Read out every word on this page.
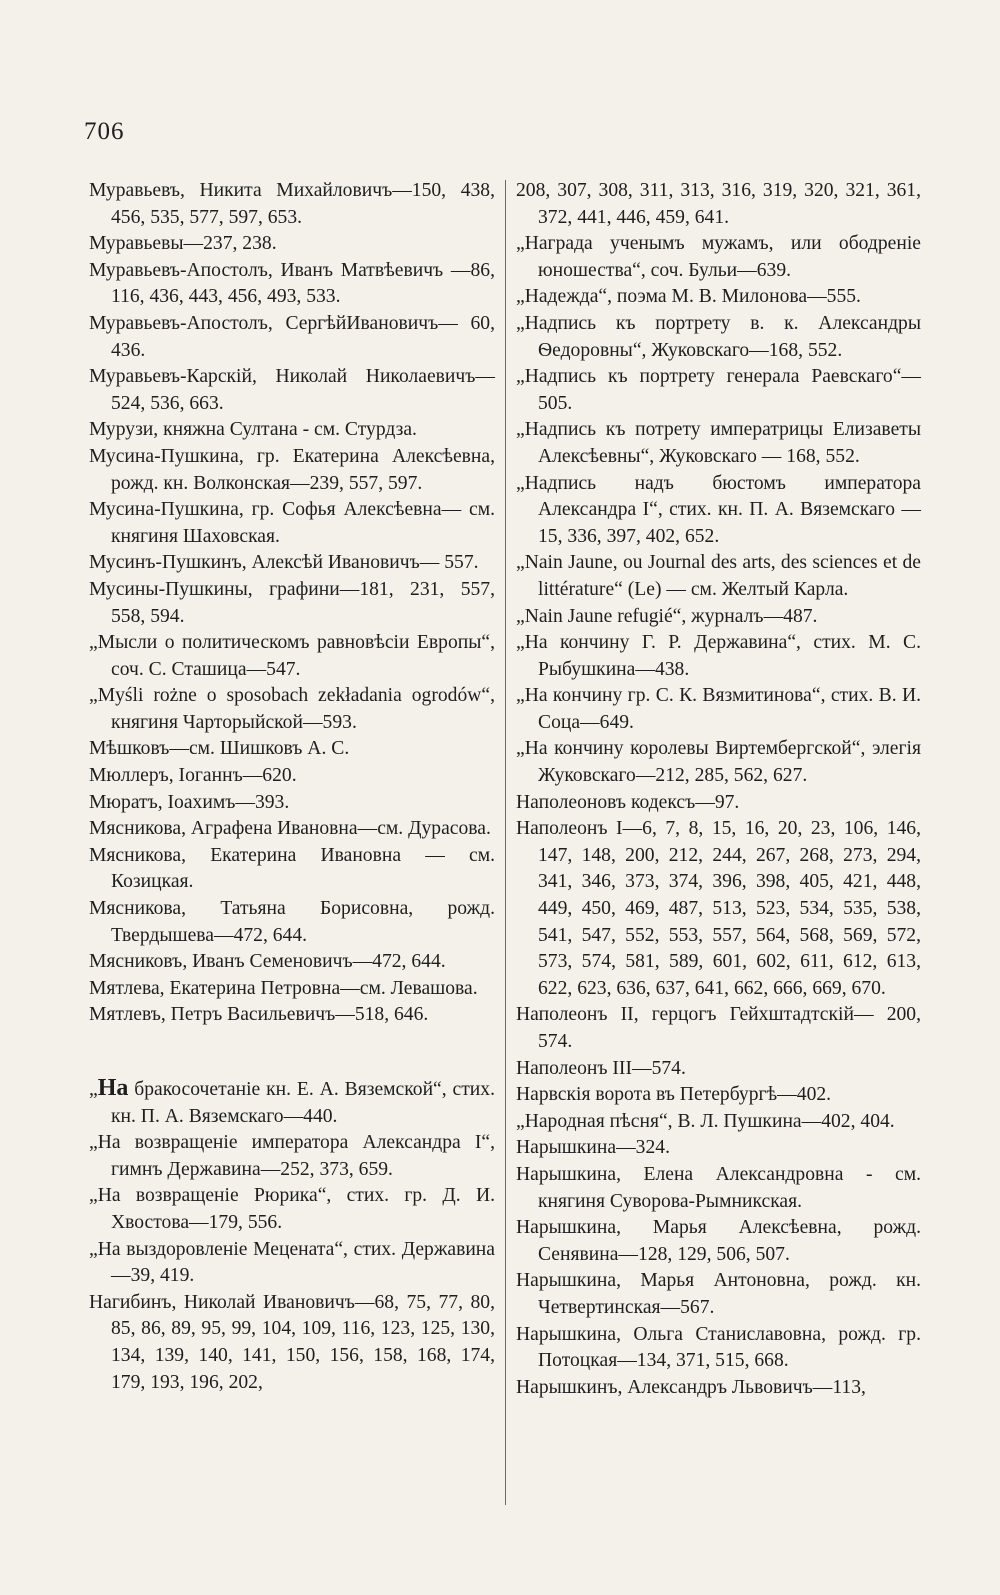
706

Муравьевъ, Никита Михайловичъ—150, 438, 456, 535, 577, 597, 653.

Муравьевы—237, 238.

Муравьевъ-Апостолъ, Иванъ Матвѣевичъ —86, 116, 436, 443, 456, 493, 533.

Муравьевъ-Апостолъ, СергѣйИвановичъ— 60, 436.

Муравьевъ-Карскій, Николай Николаевичъ—524, 536, 663.

Мурузи, княжна Султана - см. Стурдза.

Мусина-Пушкина, гр. Екатерина Алексѣевна, рожд. кн. Волконская—239, 557, 597.

Мусина-Пушкина, гр. Софья Алексѣевна— см. княгиня Шаховская.

Мусинъ-Пушкинъ, Алексѣй Ивановичъ— 557.

Мусины-Пушкины, графини—181, 231, 557, 558, 594.

„Мысли о политическомъ равновѣсіи Европы“, соч. С. Сташица—547.

„Myśli rożne o sposobach zekładania ogrodów“, княгиня Чарторыйской—593.

Мѣшковъ—см. Шишковъ А. С.

Мюллеръ, Іоганнъ—620.

Мюратъ, Іоахимъ—393.

Мясникова, Аграфена Ивановна—см. Дурасова.

Мясникова, Екатерина Ивановна — см. Козицкая.

Мясникова, Татьяна Борисовна, рожд. Твердышева—472, 644.

Мясниковъ, Иванъ Семеновичъ—472, 644.

Мятлева, Екатерина Петровна—см. Левашова.

Мятлевъ, Петръ Васильевичъ—518, 646.

„На бракосочетаніе кн. Е. А. Вяземской“, стих. кн. П. А. Вяземскаго—440.

„На возвращеніе императора Александра I“, гимнъ Державина—252, 373, 659.

„На возвращеніе Рюрика“, стих. гр. Д. И. Хвостова—179, 556.

„На выздоровленіе Мецената“, стих. Державина—39, 419.

Нагибинъ, Николай Ивановичъ—68, 75, 77, 80, 85, 86, 89, 95, 99, 104, 109, 116, 123, 125, 130, 134, 139, 140, 141, 150, 156, 158, 168, 174, 179, 193, 196, 202,

208, 307, 308, 311, 313, 316, 319, 320, 321, 361, 372, 441, 446, 459, 641.

„Награда ученымъ мужамъ, или ободреніе юношества“, соч. Бульи—639.

„Надежда“, поэма М. В. Милонова—555.

„Надпись къ портрету в. к. Александры Ѳедоровны“, Жуковскаго—168, 552.

„Надпись къ портрету генерала Раевскаго“—505.

„Надпись къ потрету императрицы Елизаветы Алексѣевны“, Жуковскаго — 168, 552.

„Надпись надъ бюстомъ императора Александра I“, стих. кн. П. А. Вяземскаго —15, 336, 397, 402, 652.

„Nain Jaune, ou Journal des arts, des sciences et de littérature“ (Le) — см. Желтый Карла.

„Nain Jaune refugié“, журналъ—487.

„На кончину Г. Р. Державина“, стих. М. С. Рыбушкина—438.

„На кончину гр. С. К. Вязмитинова“, стих. В. И. Соца—649.

„На кончину королевы Виртембергской“, элегія Жуковскаго—212, 285, 562, 627.

Наполеоновъ кодексъ—97.

Наполеонъ I—6, 7, 8, 15, 16, 20, 23, 106, 146, 147, 148, 200, 212, 244, 267, 268, 273, 294, 341, 346, 373, 374, 396, 398, 405, 421, 448, 449, 450, 469, 487, 513, 523, 534, 535, 538, 541, 547, 552, 553, 557, 564, 568, 569, 572, 573, 574, 581, 589, 601, 602, 611, 612, 613, 622, 623, 636, 637, 641, 662, 666, 669, 670.

Наполеонъ II, герцогъ Гейхштадтскій— 200, 574.

Наполеонъ III—574.

Нарвскія ворота въ Петербургѣ—402.

„Народная пѣсня“, В. Л. Пушкина—402, 404.

Нарышкина—324.

Нарышкина, Елена Александровна - см. княгиня Суворова-Рымникская.

Нарышкина, Марья Алексѣевна, рожд. Сенявина—128, 129, 506, 507.

Нарышкина, Марья Антоновна, рожд. кн. Четвертинская—567.

Нарышкина, Ольга Станиславовна, рожд. гр. Потоцкая—134, 371, 515, 668.

Нарышкинъ, Александръ Львовичъ—113,
